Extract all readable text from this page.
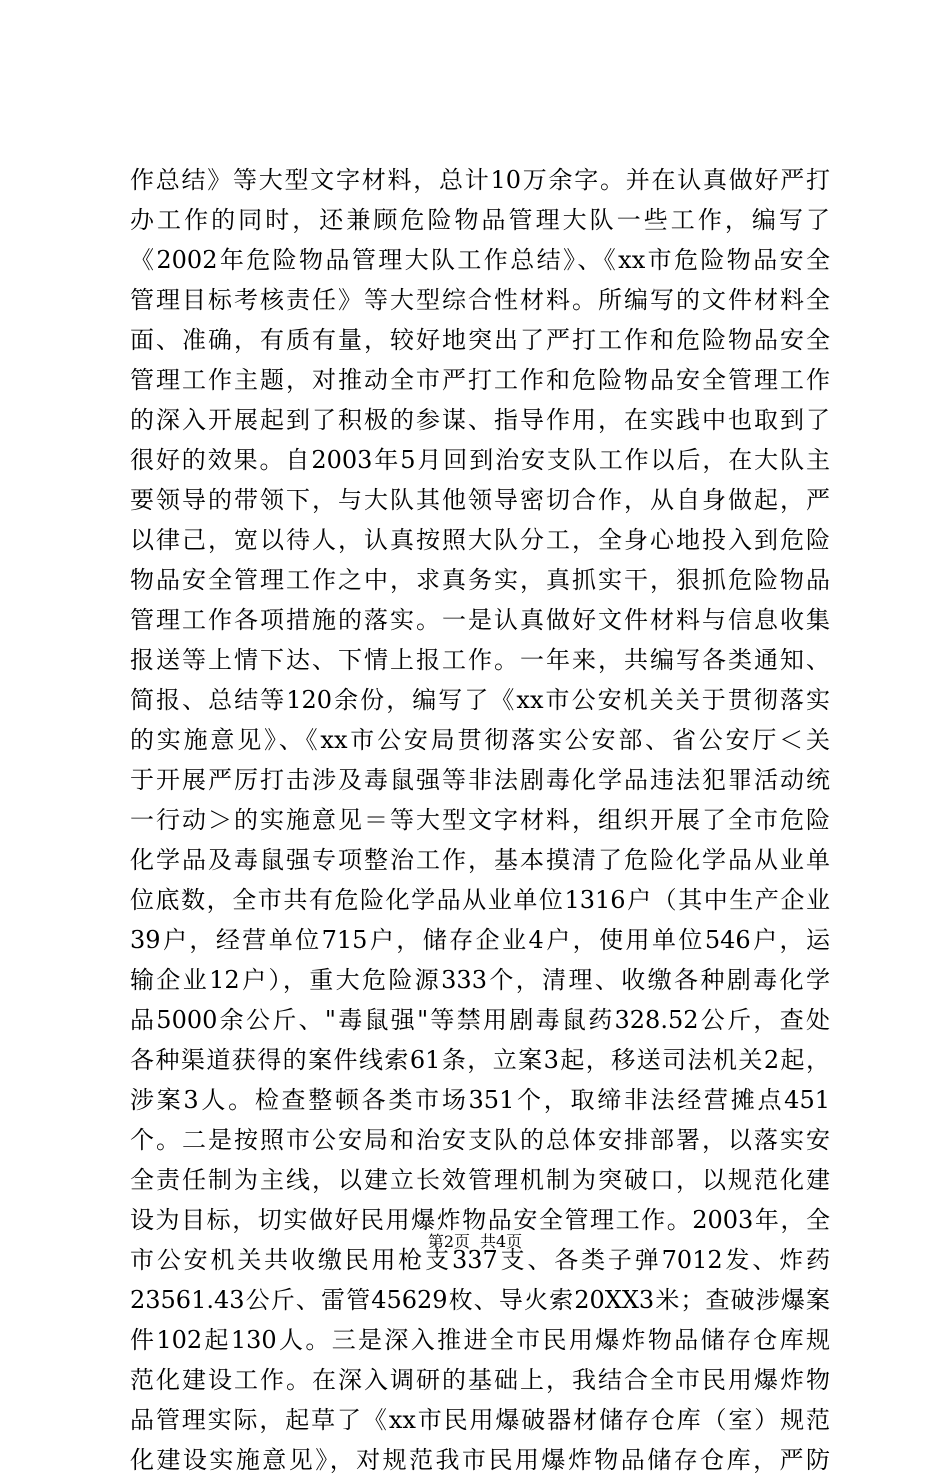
作总结》等大型文字材料，总计10万余字。并在认真做好严打
办工作的同时，还兼顾危险物品管理大队一些工作，编写了
《2002年危险物品管理大队工作总结》、《xx市危险物品安全
管理目标考核责任》等大型综合性材料。所编写的文件材料全
面、准确，有质有量，较好地突出了严打工作和危险物品安全
管理工作主题，对推动全市严打工作和危险物品安全管理工作
的深入开展起到了积极的参谋、指导作用，在实践中也取到了
很好的效果。自2003年5月回到治安支队工作以后，在大队主
要领导的带领下，与大队其他领导密切合作，从自身做起，严
以律己，宽以待人，认真按照大队分工，全身心地投入到危险
物品安全管理工作之中，求真务实，真抓实干，狠抓危险物品
管理工作各项措施的落实。一是认真做好文件材料与信息收集
报送等上情下达、下情上报工作。一年来，共编写各类通知、
简报、总结等120余份，编写了《xx市公安机关关于贯彻落实
的实施意见》、《xx市公安局贯彻落实公安部、省公安厅＜关
于开展严厉打击涉及毒鼠强等非法剧毒化学品违法犯罪活动统
一行动＞的实施意见＝等大型文字材料，组织开展了全市危险
化学品及毒鼠强专项整治工作，基本摸清了危险化学品从业单
位底数，全市共有危险化学品从业单位1316户（其中生产企业
39户，经营单位715户，储存企业4户，使用单位546户，运
输企业12户），重大危险源333个，清理、收缴各种剧毒化学
品5000余公斤、"毒鼠强"等禁用剧毒鼠药328.52公斤，查处
各种渠道获得的案件线索61条，立案3起，移送司法机关2起，
涉案3人。检查整顿各类市场351个，取缔非法经营摊点451
个。二是按照市公安局和治安支队的总体安排部署，以落实安
全责任制为主线，以建立长效管理机制为突破口，以规范化建
设为目标，切实做好民用爆炸物品安全管理工作。2003年，全
市公安机关共收缴民用枪支337支、各类子弹7012发、炸药
23561.43公斤、雷管45629枚、导火索20XX3米；查破涉爆案
件102起130人。三是深入推进全市民用爆炸物品储存仓库规
范化建设工作。在深入调研的基础上，我结合全市民用爆炸物
品管理实际，起草了《xx市民用爆破器材储存仓库（室）规范
化建设实施意见》，对规范我市民用爆炸物品储存仓库，严防
第2页 共4页
